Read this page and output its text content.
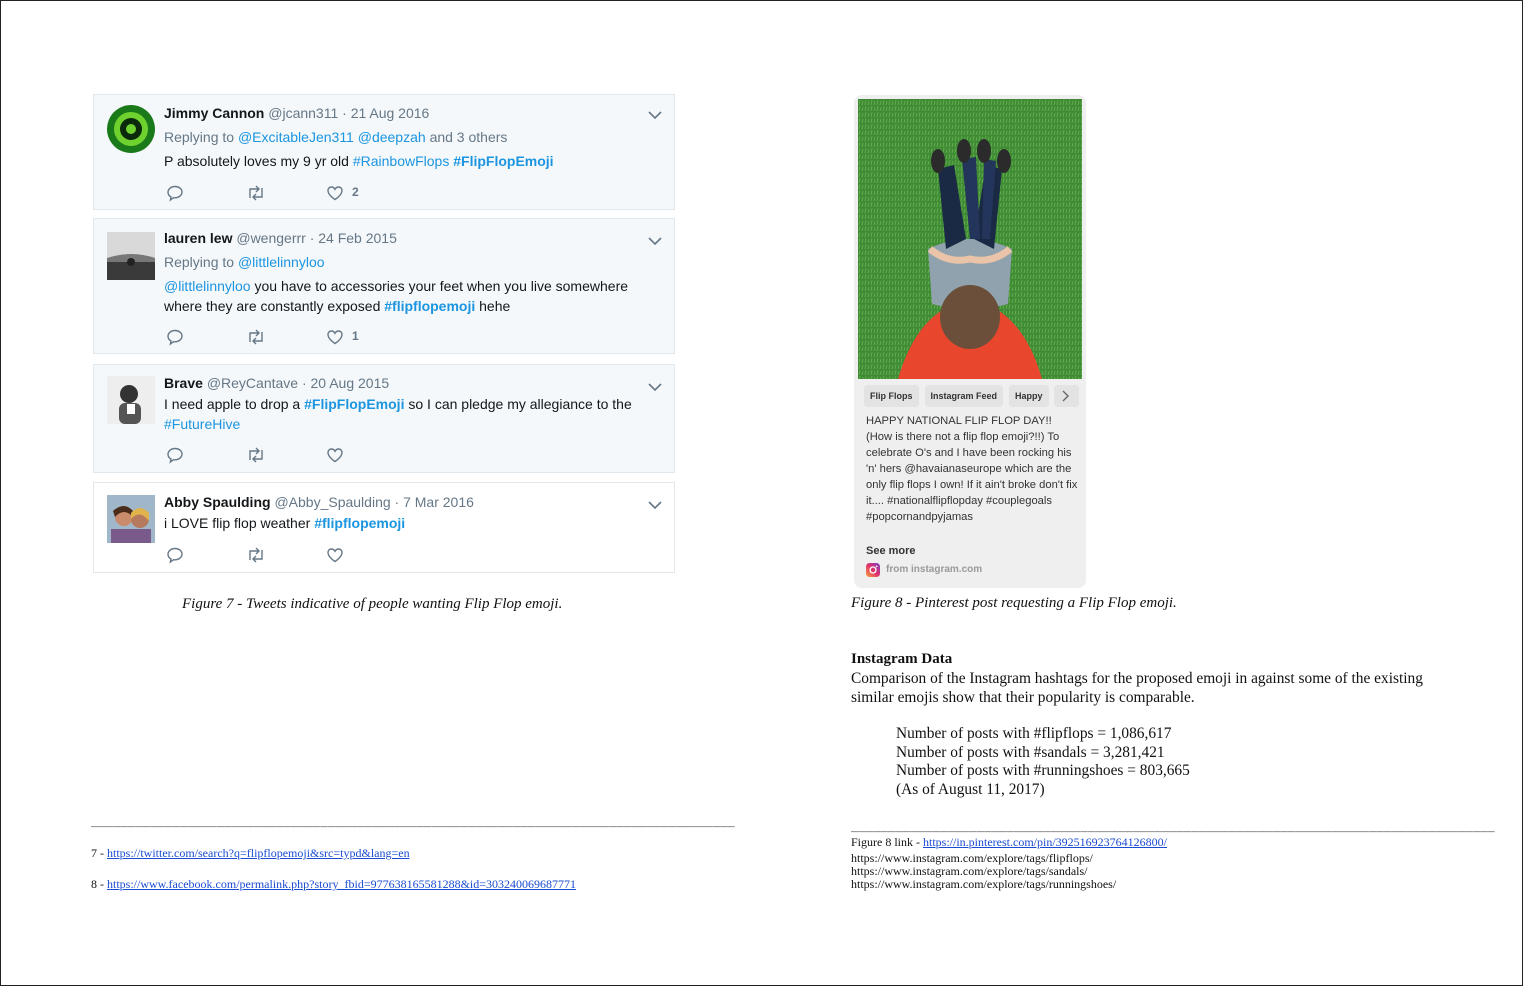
Jimmy Cannon @jcann311 · 21 Aug 2016
Replying to @ExcitableJen311 @deepzah and 3 others
P absolutely loves my 9 yr old #RainbowFlops #FlipFlopEmoji
2
lauren lew @wengerrr · 24 Feb 2015
Replying to @littlelinnyloo
@littlelinnyloo you have to accessories your feet when you live somewhere where they are constantly exposed #flipflopemoji hehe
1
Brave @ReyCantave · 20 Aug 2015
I need apple to drop a #FlipFlopEmoji so I can pledge my allegiance to the #FutureHive
Abby Spaulding @Abby_Spaulding · 7 Mar 2016
i LOVE flip flop weather #flipflopemoji
Figure 7 - Tweets indicative of people wanting Flip Flop emoji.
Flip Flops Instagram Feed Happy
HAPPY NATIONAL FLIP FLOP DAY!! (How is there not a flip flop emoji?!!) To celebrate O's and I have been rocking his 'n' hers @havaianaseurope which are the only flip flops I own! If it ain't broke don't fix it.... #nationalflipflopday #couplegoals #popcornandpyjamas
See more
from instagram.com
Figure 8 - Pinterest post requesting a Flip Flop emoji.
Instagram Data
Comparison of the Instagram hashtags for the proposed emoji in against some of the existing similar emojis show that their popularity is comparable.
Number of posts with #flipflops = 1,086,617
Number of posts with #sandals = 3,281,421
Number of posts with #runningshoes = 803,665
(As of August 11, 2017)
_______________________________________________________________________________________
7 - https://twitter.com/search?q=flipflopemoji&src=typd&lang=en
8 - https://www.facebook.com/permalink.php?story_fbid=977638165581288&id=303240069687771
_______________________________________________________________________________________
Figure 8 link - https://in.pinterest.com/pin/392516923764126800/
https://www.instagram.com/explore/tags/flipflops/
https://www.instagram.com/explore/tags/sandals/
https://www.instagram.com/explore/tags/runningshoes/
